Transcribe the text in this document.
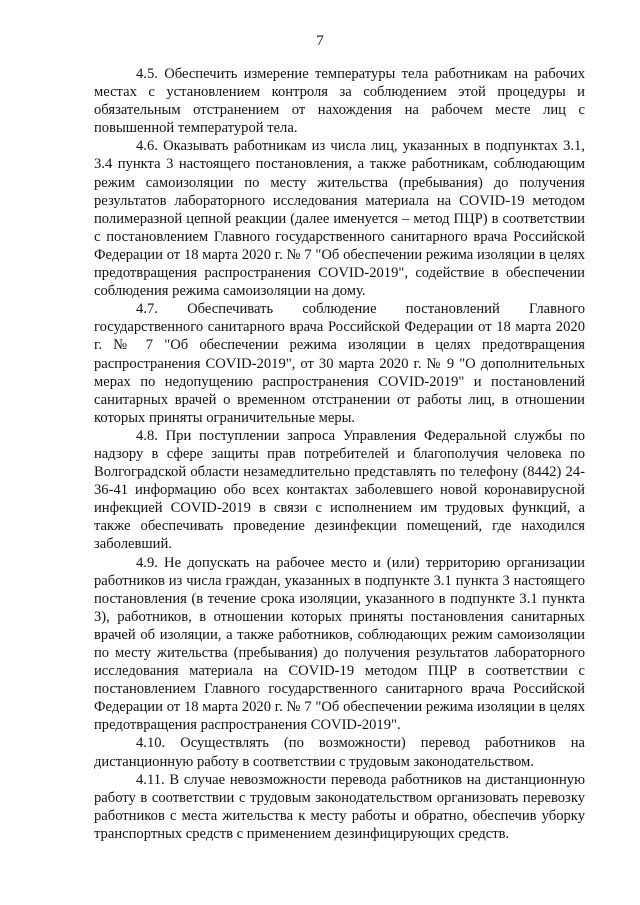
7

4.5. Обеспечить измерение температуры тела работникам на рабочих местах с установлением контроля за соблюдением этой процедуры и обязательным отстранением от нахождения на рабочем месте лиц с повышенной температурой тела.

4.6. Оказывать работникам из числа лиц, указанных в подпунктах 3.1, 3.4 пункта 3 настоящего постановления, а также работникам, соблюдающим режим самоизоляции по месту жительства (пребывания) до получения результатов лабораторного исследования материала на COVID-19 методом полимеразной цепной реакции (далее именуется – метод ПЦР) в соответствии с постановлением Главного государственного санитарного врача Российской Федерации от 18 марта 2020 г. № 7 "Об обеспечении режима изоляции в целях предотвращения распространения COVID-2019", содействие в обеспечении соблюдения режима самоизоляции на дому.

4.7. Обеспечивать соблюдение постановлений Главного государственного санитарного врача Российской Федерации от 18 марта 2020 г. № 7 "Об обеспечении режима изоляции в целях предотвращения распространения COVID-2019", от 30 марта 2020 г. № 9 "О дополнительных мерах по недопущению распространения COVID-2019" и постановлений санитарных врачей о временном отстранении от работы лиц, в отношении которых приняты ограничительные меры.

4.8. При поступлении запроса Управления Федеральной службы по надзору в сфере защиты прав потребителей и благополучия человека по Волгоградской области незамедлительно представлять по телефону (8442) 24-36-41 информацию обо всех контактах заболевшего новой коронавирусной инфекцией COVID-2019 в связи с исполнением им трудовых функций, а также обеспечивать проведение дезинфекции помещений, где находился заболевший.

4.9. Не допускать на рабочее место и (или) территорию организации работников из числа граждан, указанных в подпункте 3.1 пункта 3 настоящего постановления (в течение срока изоляции, указанного в подпункте 3.1 пункта 3), работников, в отношении которых приняты постановления санитарных врачей об изоляции, а также работников, соблюдающих режим самоизоляции по месту жительства (пребывания) до получения результатов лабораторного исследования материала на COVID-19 методом ПЦР в соответствии с постановлением Главного государственного санитарного врача Российской Федерации от 18 марта 2020 г. № 7 "Об обеспечении режима изоляции в целях предотвращения распространения COVID-2019".

4.10. Осуществлять (по возможности) перевод работников на дистанционную работу в соответствии с трудовым законодательством.

4.11. В случае невозможности перевода работников на дистанционную работу в соответствии с трудовым законодательством организовать перевозку работников с места жительства к месту работы и обратно, обеспечив уборку транспортных средств с применением дезинфицирующих средств.
